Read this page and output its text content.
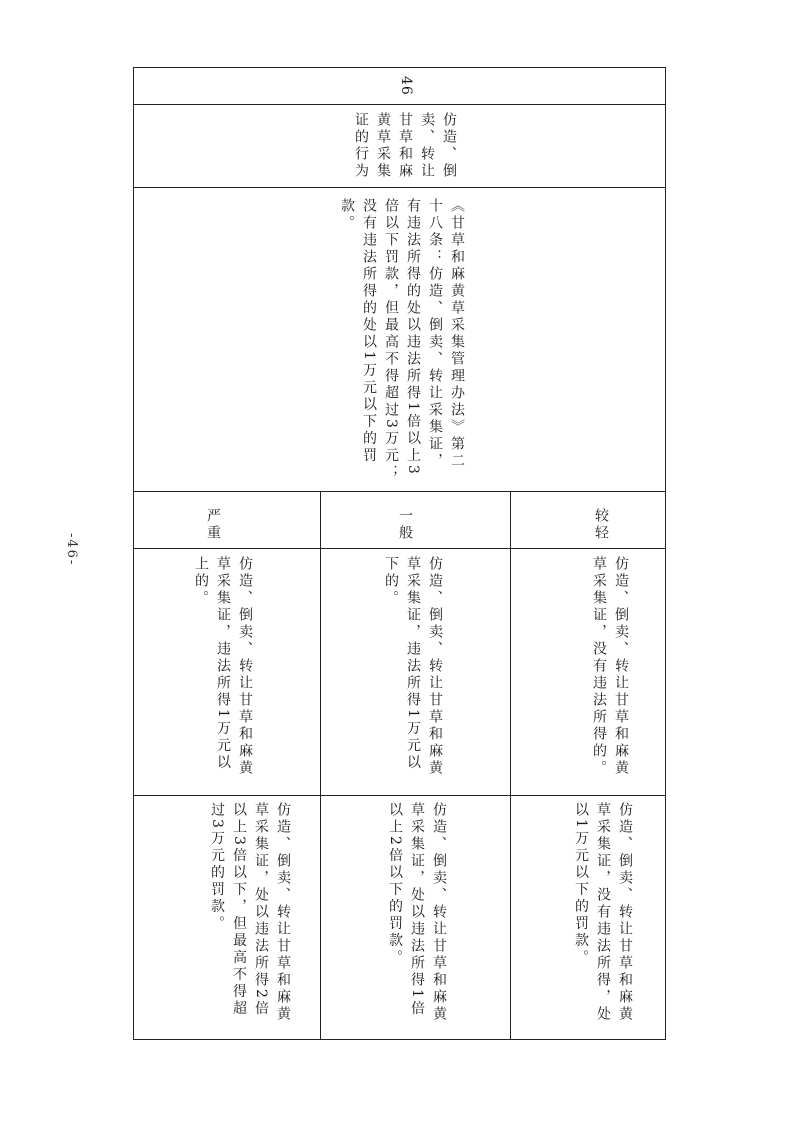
46
仿造、倒卖、转让甘草和麻黄草采集证的行为
《甘草和麻黄草采集管理办法》第二十八条：仿造、倒卖、转让采集证，有违法所得的处以违法所得1倍以上3倍以下罚款，但最高不得超过3万元；没有违法所得的处以1万元以下的罚款。
较轻
一般
严重
仿造、倒卖、转让甘草和麻黄草采集证，没有违法所得的。
仿造、倒卖、转让甘草和麻黄草采集证，违法所得1万元以下的。
仿造、倒卖、转让甘草和麻黄草采集证，违法所得1万元以上的。
仿造、倒卖、转让甘草和麻黄草采集证，没有违法所得，处以1万元以下的罚款。
仿造、倒卖、转让甘草和麻黄草采集证，处以违法所得1倍以上2倍以下的罚款。
仿造、倒卖、转让甘草和麻黄草采集证，处以违法所得2倍以上3倍以下，但最高不得超过3万元的罚款。
-46-
